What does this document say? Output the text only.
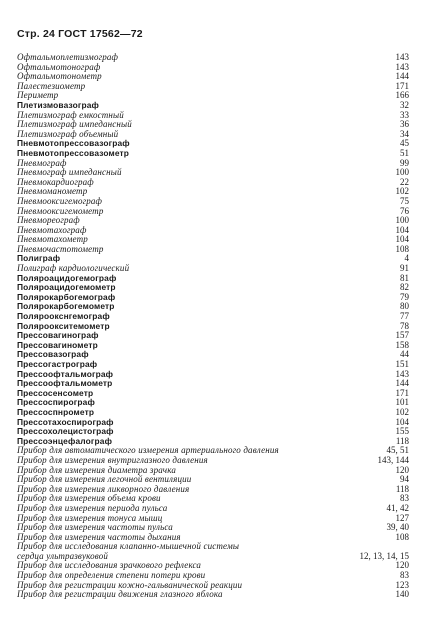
Стр. 24 ГОСТ 17562—72
Офтальмоплетизмограф	143
Офтальмотонограф	143
Офтальмотонометр	144
Палестезиометр	171
Периметр	166
Плетизмовазограф	32
Плетизмограф емкостный	33
Плетизмограф импедансный	36
Плетизмограф объемный	34
Пневмотопрессовазограф	45
Пневмотопрессовазометр	51
Пневмограф	99
Пневмограф импедансный	100
Пневмокардиограф	22
Пневмоманометр	102
Пневмооксигемограф	75
Пневмооксигемометр	76
Пневмореограф	100
Пневмотахограф	104
Пневмотахометр	104
Пневмочастотометр	108
Полиграф	4
Полиграф кардиологический	91
Поляроацидогемограф	81
Поляроацидогемометр	82
Полярокарбогемограф	79
Полярокарбогемометр	80
Поляроокснгемограф	77
Поляроокситемометр	78
Прессовагинограф	157
Прессовагинометр	158
Прессовазограф	44
Прессогастрограф	151
Прессоофтальмограф	143
Прессоофтальмометр	144
Прессосенсометр	171
Прессоспирограф	101
Прессоспнрометр	102
Прессотахоспирограф	104
Прессохолецистограф	155
Прессоэнцефалограф	118
Прибор для автоматического измерения артериального давления	45, 51
Прибор для измерения внутриглазного давления	143, 144
Прибор для измерения диаметра зрачка	120
Прибор для измерения легочной вентиляции	94
Прибор для измерения ликворного давления	118
Прибор для измерения объема крови	83
Прибор для измерения периода пульса	41, 42
Прибор для измерения тонуса мышц	127
Прибор для измерения частоты пульса	39, 40
Прибор для измерения частоты дыхания	108
Прибор для исследования клапанно-мышечной системы
сердца ультразвуковой	12, 13, 14, 15
Прибор для исследования зрачкового рефлекса	120
Прибор для определения степени потери крови	83
Прибор для регистрации кожно-гальванической реакции	123
Прибор для регистрации движения глазного яблока	140
